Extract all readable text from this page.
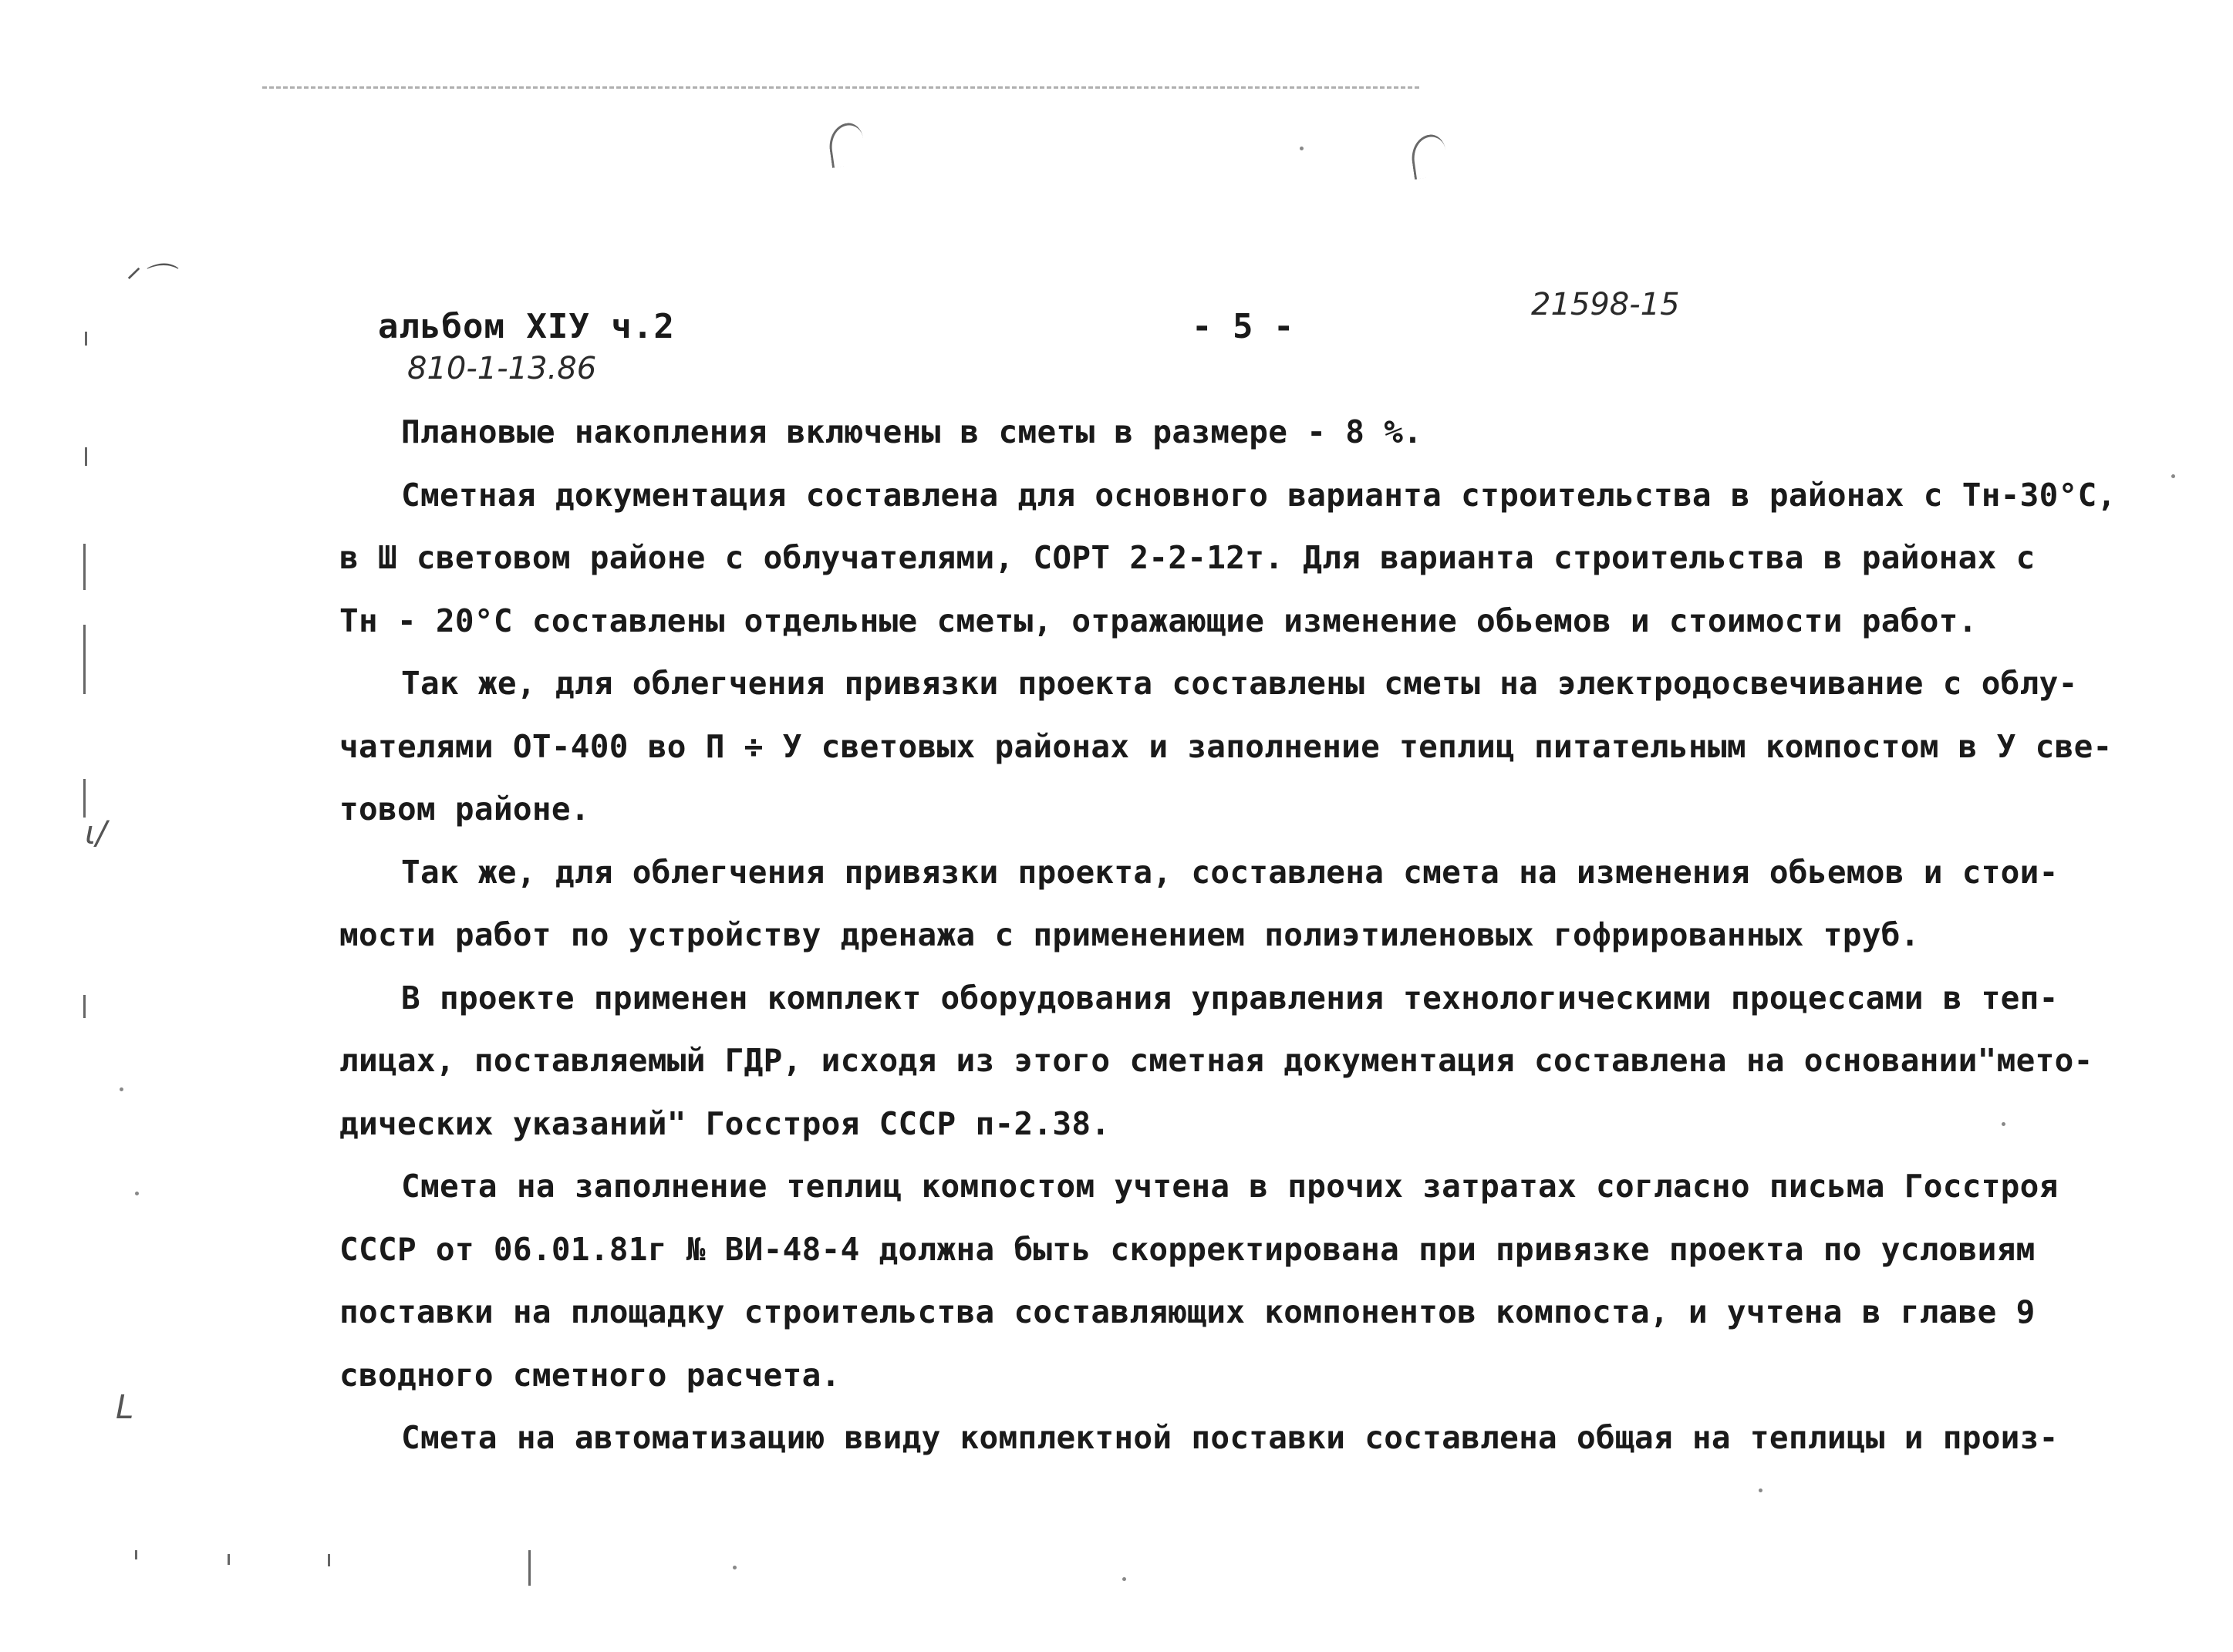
ᐟ⌒
ι/
ᒪ
альбом XIУ ч.2
810-1-13.86
- 5 -
21598-15
Плановые накопления включены в сметы в размере - 8 %.
Сметная документация составлена для основного варианта строительства в районах с Тн-30°С,
в Ш световом районе с облучателями, СОРТ 2-2-12т. Для варианта строительства в районах с
Тн - 20°С составлены отдельные сметы, отражающие изменение обьемов и стоимости работ.
Так же, для облегчения привязки проекта составлены сметы на электродосвечивание с облу-
чателями ОТ-400 во П ÷ У световых районах и заполнение теплиц питательным компостом в У све-
товом районе.
Так же, для облегчения привязки проекта, составлена смета на изменения обьемов и стои-
мости работ по устройству дренажа с применением полиэтиленовых гофрированных труб.
В проекте применен комплект оборудования управления технологическими процессами в теп-
лицах, поставляемый ГДР, исходя из этого сметная документация составлена на основании"мето-
дических указаний" Госстроя СССР п-2.38.
Смета на заполнение теплиц компостом учтена в прочих затратах согласно письма Госстроя
СССР от 06.01.81г № ВИ-48-4 должна быть скорректирована при привязке проекта по условиям
поставки на площадку строительства составляющих компонентов компоста, и учтена в главе 9
сводного сметного расчета.
Смета на автоматизацию ввиду комплектной поставки составлена общая на теплицы и произ-
